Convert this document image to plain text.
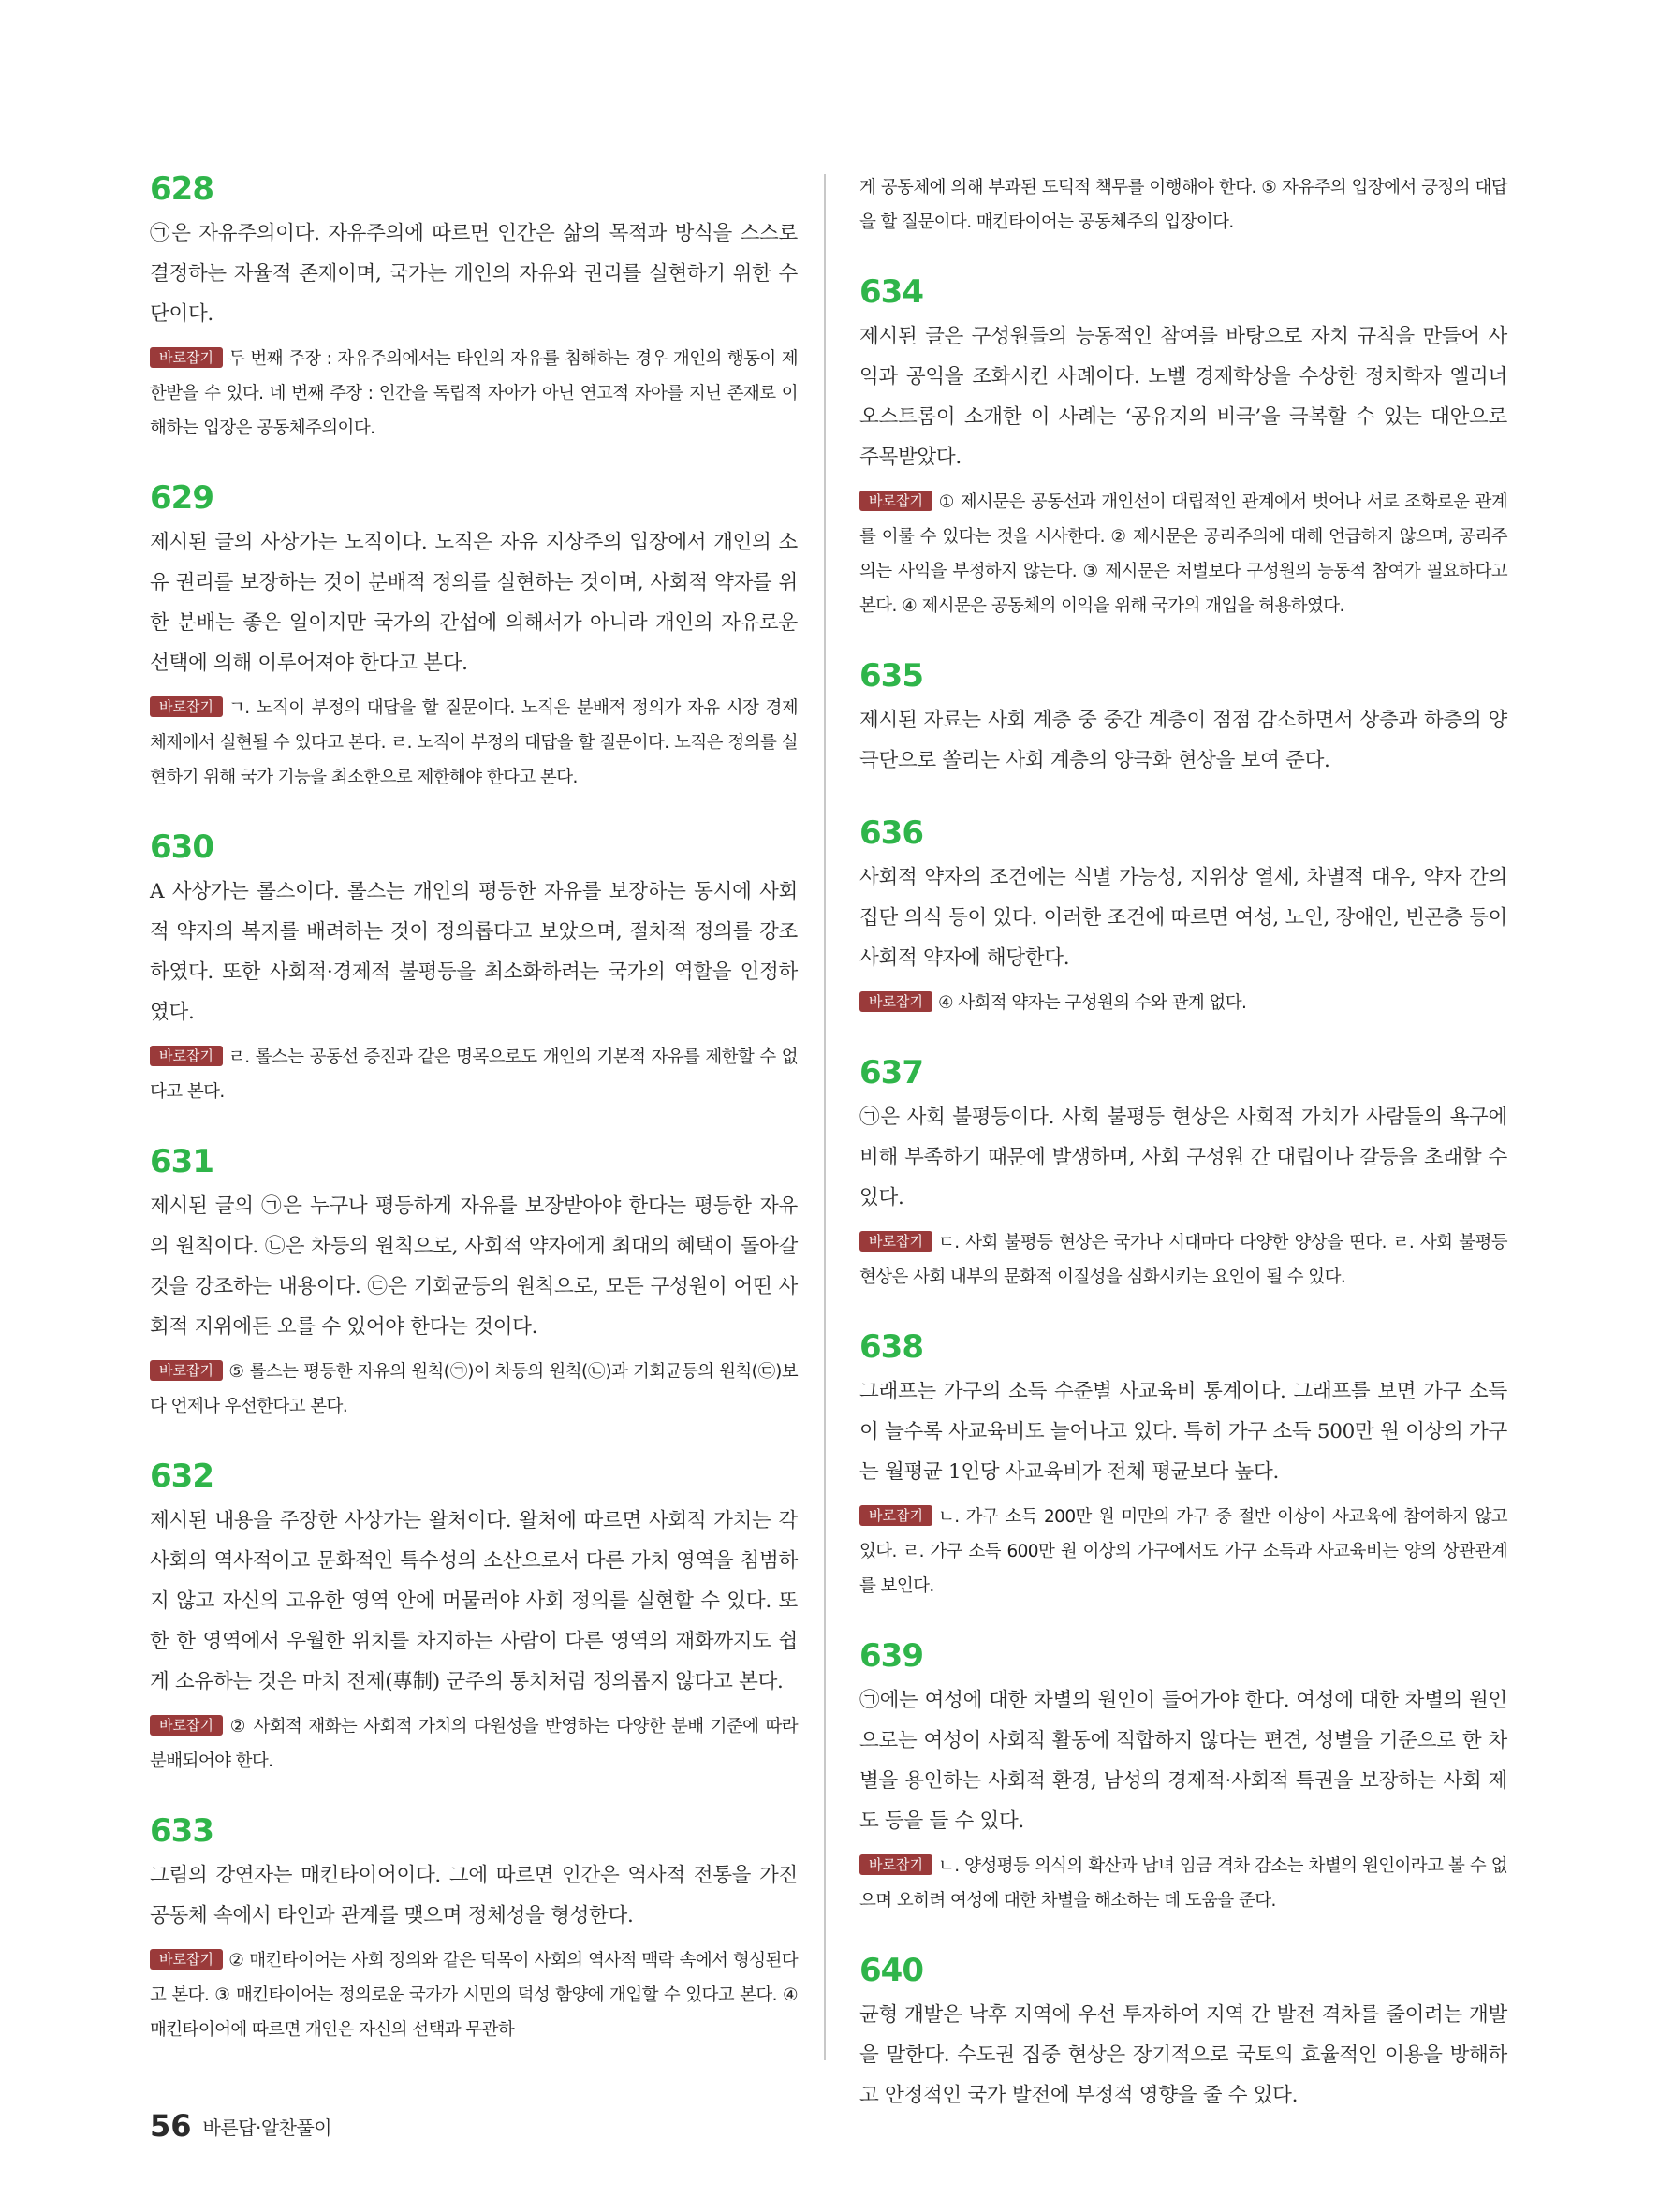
628

㉠은 자유주의이다. 자유주의에 따르면 인간은 삶의 목적과 방식을 스스로 결정하는 자율적 존재이며, 국가는 개인의 자유와 권리를 실현하기 위한 수단이다.

바로잡기 두 번째 주장 : 자유주의에서는 타인의 자유를 침해하는 경우 개인의 행동이 제한받을 수 있다. 네 번째 주장 : 인간을 독립적 자아가 아닌 연고적 자아를 지닌 존재로 이해하는 입장은 공동체주의이다.

629

제시된 글의 사상가는 노직이다. 노직은 자유 지상주의 입장에서 개인의 소유 권리를 보장하는 것이 분배적 정의를 실현하는 것이며, 사회적 약자를 위한 분배는 좋은 일이지만 국가의 간섭에 의해서가 아니라 개인의 자유로운 선택에 의해 이루어져야 한다고 본다.

바로잡기 ㄱ. 노직이 부정의 대답을 할 질문이다. 노직은 분배적 정의가 자유 시장 경제 체제에서 실현될 수 있다고 본다. ㄹ. 노직이 부정의 대답을 할 질문이다. 노직은 정의를 실현하기 위해 국가 기능을 최소한으로 제한해야 한다고 본다.

630

A 사상가는 롤스이다. 롤스는 개인의 평등한 자유를 보장하는 동시에 사회적 약자의 복지를 배려하는 것이 정의롭다고 보았으며, 절차적 정의를 강조하였다. 또한 사회적·경제적 불평등을 최소화하려는 국가의 역할을 인정하였다.

바로잡기 ㄹ. 롤스는 공동선 증진과 같은 명목으로도 개인의 기본적 자유를 제한할 수 없다고 본다.

631

제시된 글의 ㉠은 누구나 평등하게 자유를 보장받아야 한다는 평등한 자유의 원칙이다. ㉡은 차등의 원칙으로, 사회적 약자에게 최대의 혜택이 돌아갈 것을 강조하는 내용이다. ㉢은 기회균등의 원칙으로, 모든 구성원이 어떤 사회적 지위에든 오를 수 있어야 한다는 것이다.

바로잡기 ⑤ 롤스는 평등한 자유의 원칙(㉠)이 차등의 원칙(㉡)과 기회균등의 원칙(㉢)보다 언제나 우선한다고 본다.

632

제시된 내용을 주장한 사상가는 왈처이다. 왈처에 따르면 사회적 가치는 각 사회의 역사적이고 문화적인 특수성의 소산으로서 다른 가치 영역을 침범하지 않고 자신의 고유한 영역 안에 머물러야 사회 정의를 실현할 수 있다. 또한 한 영역에서 우월한 위치를 차지하는 사람이 다른 영역의 재화까지도 쉽게 소유하는 것은 마치 전제(專制) 군주의 통치처럼 정의롭지 않다고 본다.

바로잡기 ② 사회적 재화는 사회적 가치의 다원성을 반영하는 다양한 분배 기준에 따라 분배되어야 한다.

633

그림의 강연자는 매킨타이어이다. 그에 따르면 인간은 역사적 전통을 가진 공동체 속에서 타인과 관계를 맺으며 정체성을 형성한다.

바로잡기 ② 매킨타이어는 사회 정의와 같은 덕목이 사회의 역사적 맥락 속에서 형성된다고 본다. ③ 매킨타이어는 정의로운 국가가 시민의 덕성 함양에 개입할 수 있다고 본다. ④ 매킨타이어에 따르면 개인은 자신의 선택과 무관하

게 공동체에 의해 부과된 도덕적 책무를 이행해야 한다. ⑤ 자유주의 입장에서 긍정의 대답을 할 질문이다. 매킨타이어는 공동체주의 입장이다.

634

제시된 글은 구성원들의 능동적인 참여를 바탕으로 자치 규칙을 만들어 사익과 공익을 조화시킨 사례이다. 노벨 경제학상을 수상한 정치학자 엘리너 오스트롬이 소개한 이 사례는 ‘공유지의 비극’을 극복할 수 있는 대안으로 주목받았다.

바로잡기 ① 제시문은 공동선과 개인선이 대립적인 관계에서 벗어나 서로 조화로운 관계를 이룰 수 있다는 것을 시사한다. ② 제시문은 공리주의에 대해 언급하지 않으며, 공리주의는 사익을 부정하지 않는다. ③ 제시문은 처벌보다 구성원의 능동적 참여가 필요하다고 본다. ④ 제시문은 공동체의 이익을 위해 국가의 개입을 허용하였다.

635

제시된 자료는 사회 계층 중 중간 계층이 점점 감소하면서 상층과 하층의 양 극단으로 쏠리는 사회 계층의 양극화 현상을 보여 준다.

636

사회적 약자의 조건에는 식별 가능성, 지위상 열세, 차별적 대우, 약자 간의 집단 의식 등이 있다. 이러한 조건에 따르면 여성, 노인, 장애인, 빈곤층 등이 사회적 약자에 해당한다.

바로잡기 ④ 사회적 약자는 구성원의 수와 관계 없다.

637

㉠은 사회 불평등이다. 사회 불평등 현상은 사회적 가치가 사람들의 욕구에 비해 부족하기 때문에 발생하며, 사회 구성원 간 대립이나 갈등을 초래할 수 있다.

바로잡기 ㄷ. 사회 불평등 현상은 국가나 시대마다 다양한 양상을 띤다. ㄹ. 사회 불평등 현상은 사회 내부의 문화적 이질성을 심화시키는 요인이 될 수 있다.

638

그래프는 가구의 소득 수준별 사교육비 통계이다. 그래프를 보면 가구 소득이 늘수록 사교육비도 늘어나고 있다. 특히 가구 소득 500만 원 이상의 가구는 월평균 1인당 사교육비가 전체 평균보다 높다.

바로잡기 ㄴ. 가구 소득 200만 원 미만의 가구 중 절반 이상이 사교육에 참여하지 않고 있다. ㄹ. 가구 소득 600만 원 이상의 가구에서도 가구 소득과 사교육비는 양의 상관관계를 보인다.

639

㉠에는 여성에 대한 차별의 원인이 들어가야 한다. 여성에 대한 차별의 원인으로는 여성이 사회적 활동에 적합하지 않다는 편견, 성별을 기준으로 한 차별을 용인하는 사회적 환경, 남성의 경제적·사회적 특권을 보장하는 사회 제도 등을 들 수 있다.

바로잡기 ㄴ. 양성평등 의식의 확산과 남녀 임금 격차 감소는 차별의 원인이라고 볼 수 없으며 오히려 여성에 대한 차별을 해소하는 데 도움을 준다.

640

균형 개발은 낙후 지역에 우선 투자하여 지역 간 발전 격차를 줄이려는 개발을 말한다. 수도권 집중 현상은 장기적으로 국토의 효율적인 이용을 방해하고 안정적인 국가 발전에 부정적 영향을 줄 수 있다.

56 바른답·알찬풀이
